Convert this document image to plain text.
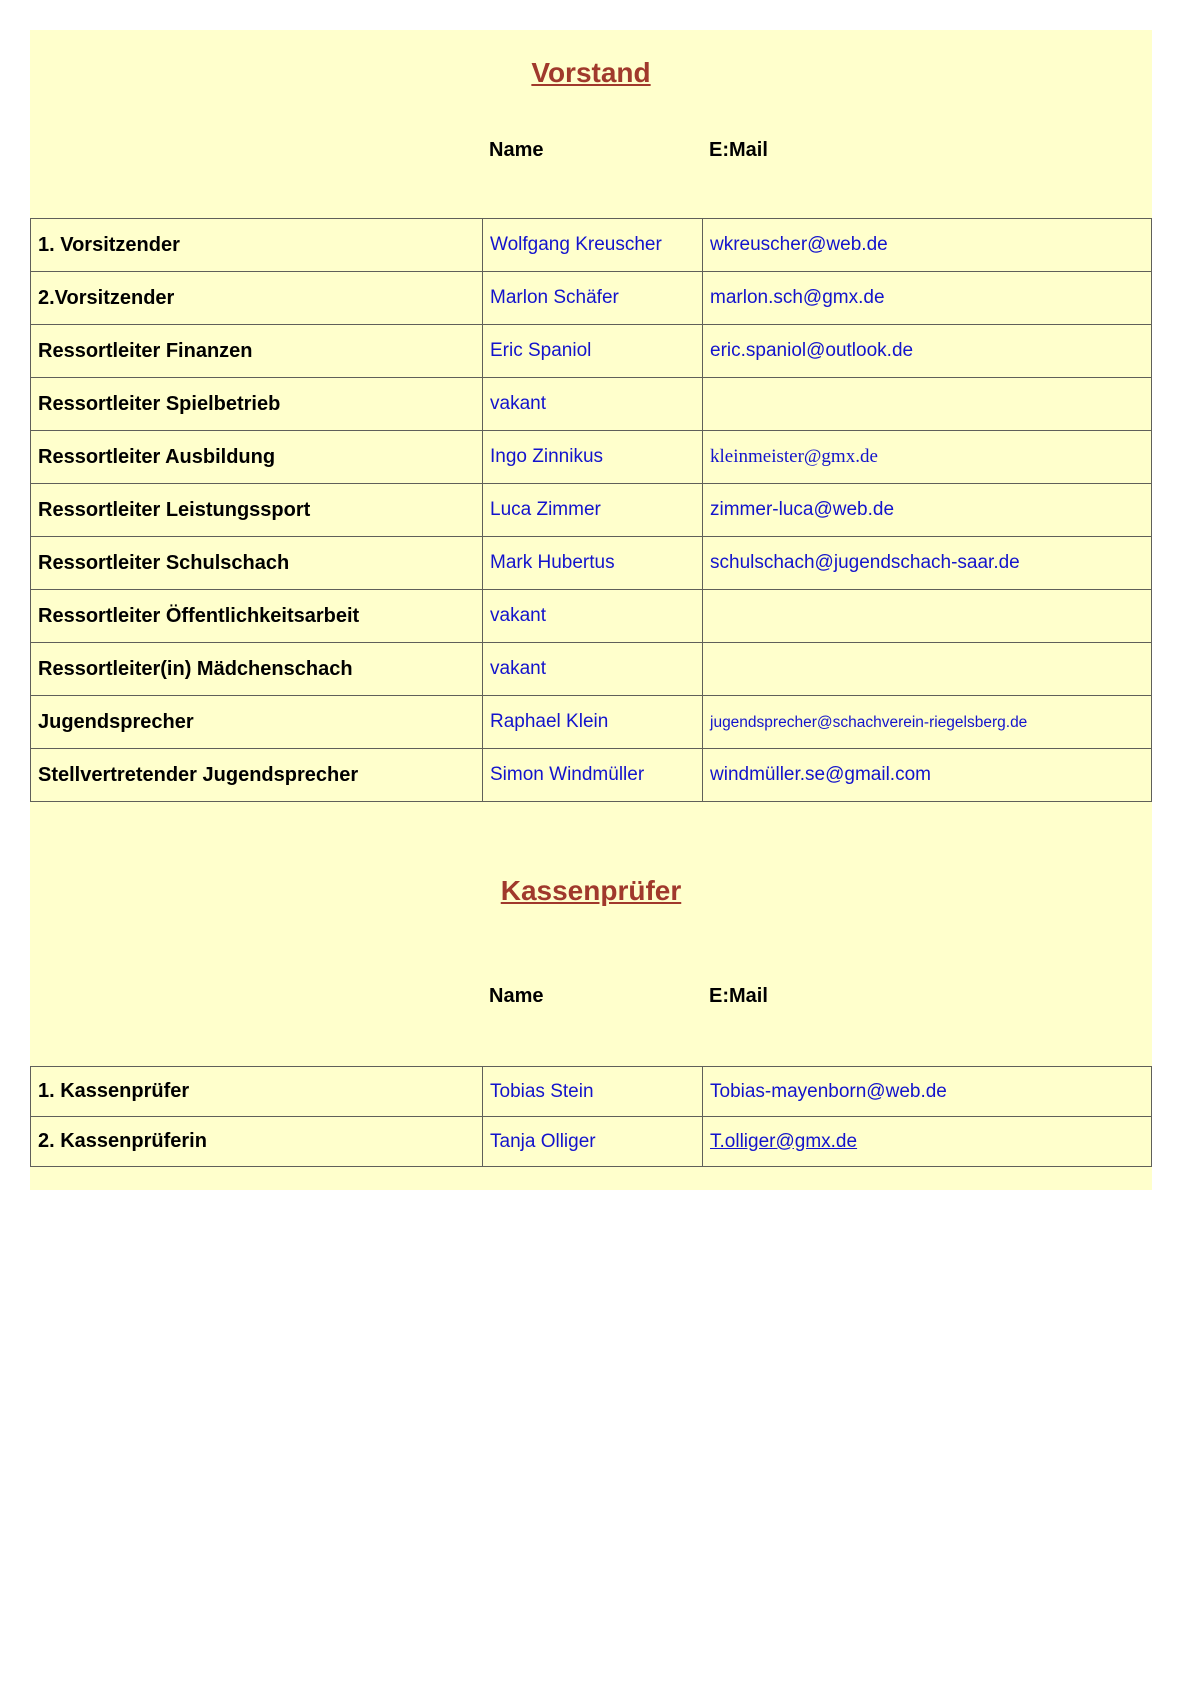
Vorstand
Name	E:Mail
1. Vorsitzender	Wolfgang Kreuscher	wkreuscher@web.de
2.Vorsitzender	Marlon Schäfer	marlon.sch@gmx.de
Ressortleiter Finanzen	Eric Spaniol	eric.spaniol@outlook.de
Ressortleiter Spielbetrieb	vakant	
Ressortleiter Ausbildung	Ingo Zinnikus	kleinmeister@gmx.de
Ressortleiter Leistungssport	Luca Zimmer	zimmer-luca@web.de
Ressortleiter Schulschach	Mark Hubertus	schulschach@jugendschach-saar.de
Ressortleiter Öffentlichkeitsarbeit	vakant	
Ressortleiter(in) Mädchenschach	vakant	
Jugendsprecher	Raphael Klein	jugendsprecher@schachverein-riegelsberg.de
Stellvertretender Jugendsprecher	Simon Windmüller	windmüller.se@gmail.com
Kassenprüfer
Name	E:Mail
1. Kassenprüfer	Tobias Stein	Tobias-mayenborn@web.de
2. Kassenprüferin	Tanja Olliger	T.olliger@gmx.de
